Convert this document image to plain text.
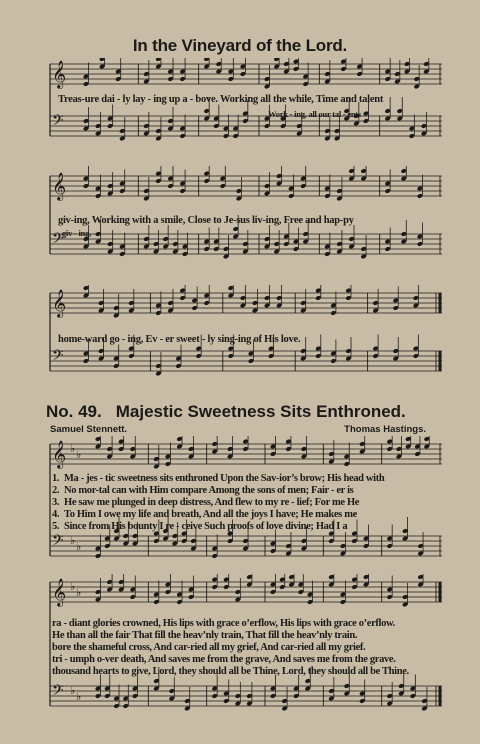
In the Vineyard of the Lord.
𝄞
𝄢
Treas-ure dai - ly lay - ing up a - bove. Working all the while, Time and talent
Work - ing, all our tal - ents
𝄞
𝄢
giv-ing, Working with a smile, Close to Je-sus liv-ing, Free and hap-py
giv - ing,
𝄞
𝄢
home-ward go - ing, Ev - er sweet - ly sing-ing of His love.
No. 49. Majestic Sweetness Sits Enthroned.
Samuel Stennett.	Thomas Hastings.
𝄞 ♭ ♭
𝄢 ♭ ♭
1. Ma - jes - tic sweetness sits enthroned Upon the Sav-ior’s brow; His head with
2. No mor-tal can with Him compare Among the sons of men; Fair - er is
3. He saw me plunged in deep distress, And flew to my re - lief; For me He
4. To Him I owe my life and breath, And all the joys I have; He makes me
5. Since from His bounty I re - ceive Such proofs of love divine; Had I a
𝄞 ♭ ♭
𝄢 ♭ ♭
ra - diant glories crowned, His lips with grace o’erflow, His lips with grace o’erflow.
He than all the fair That fill the heav’nly train, That fill the heav’nly train.
bore the shameful cross, And car-ried all my grief, And car-ried all my grief.
tri - umph o-ver death, And saves me from the grave, And saves me from the grave.
thousand hearts to give, Lord, they should all be Thine, Lord, they should all be Thine.
